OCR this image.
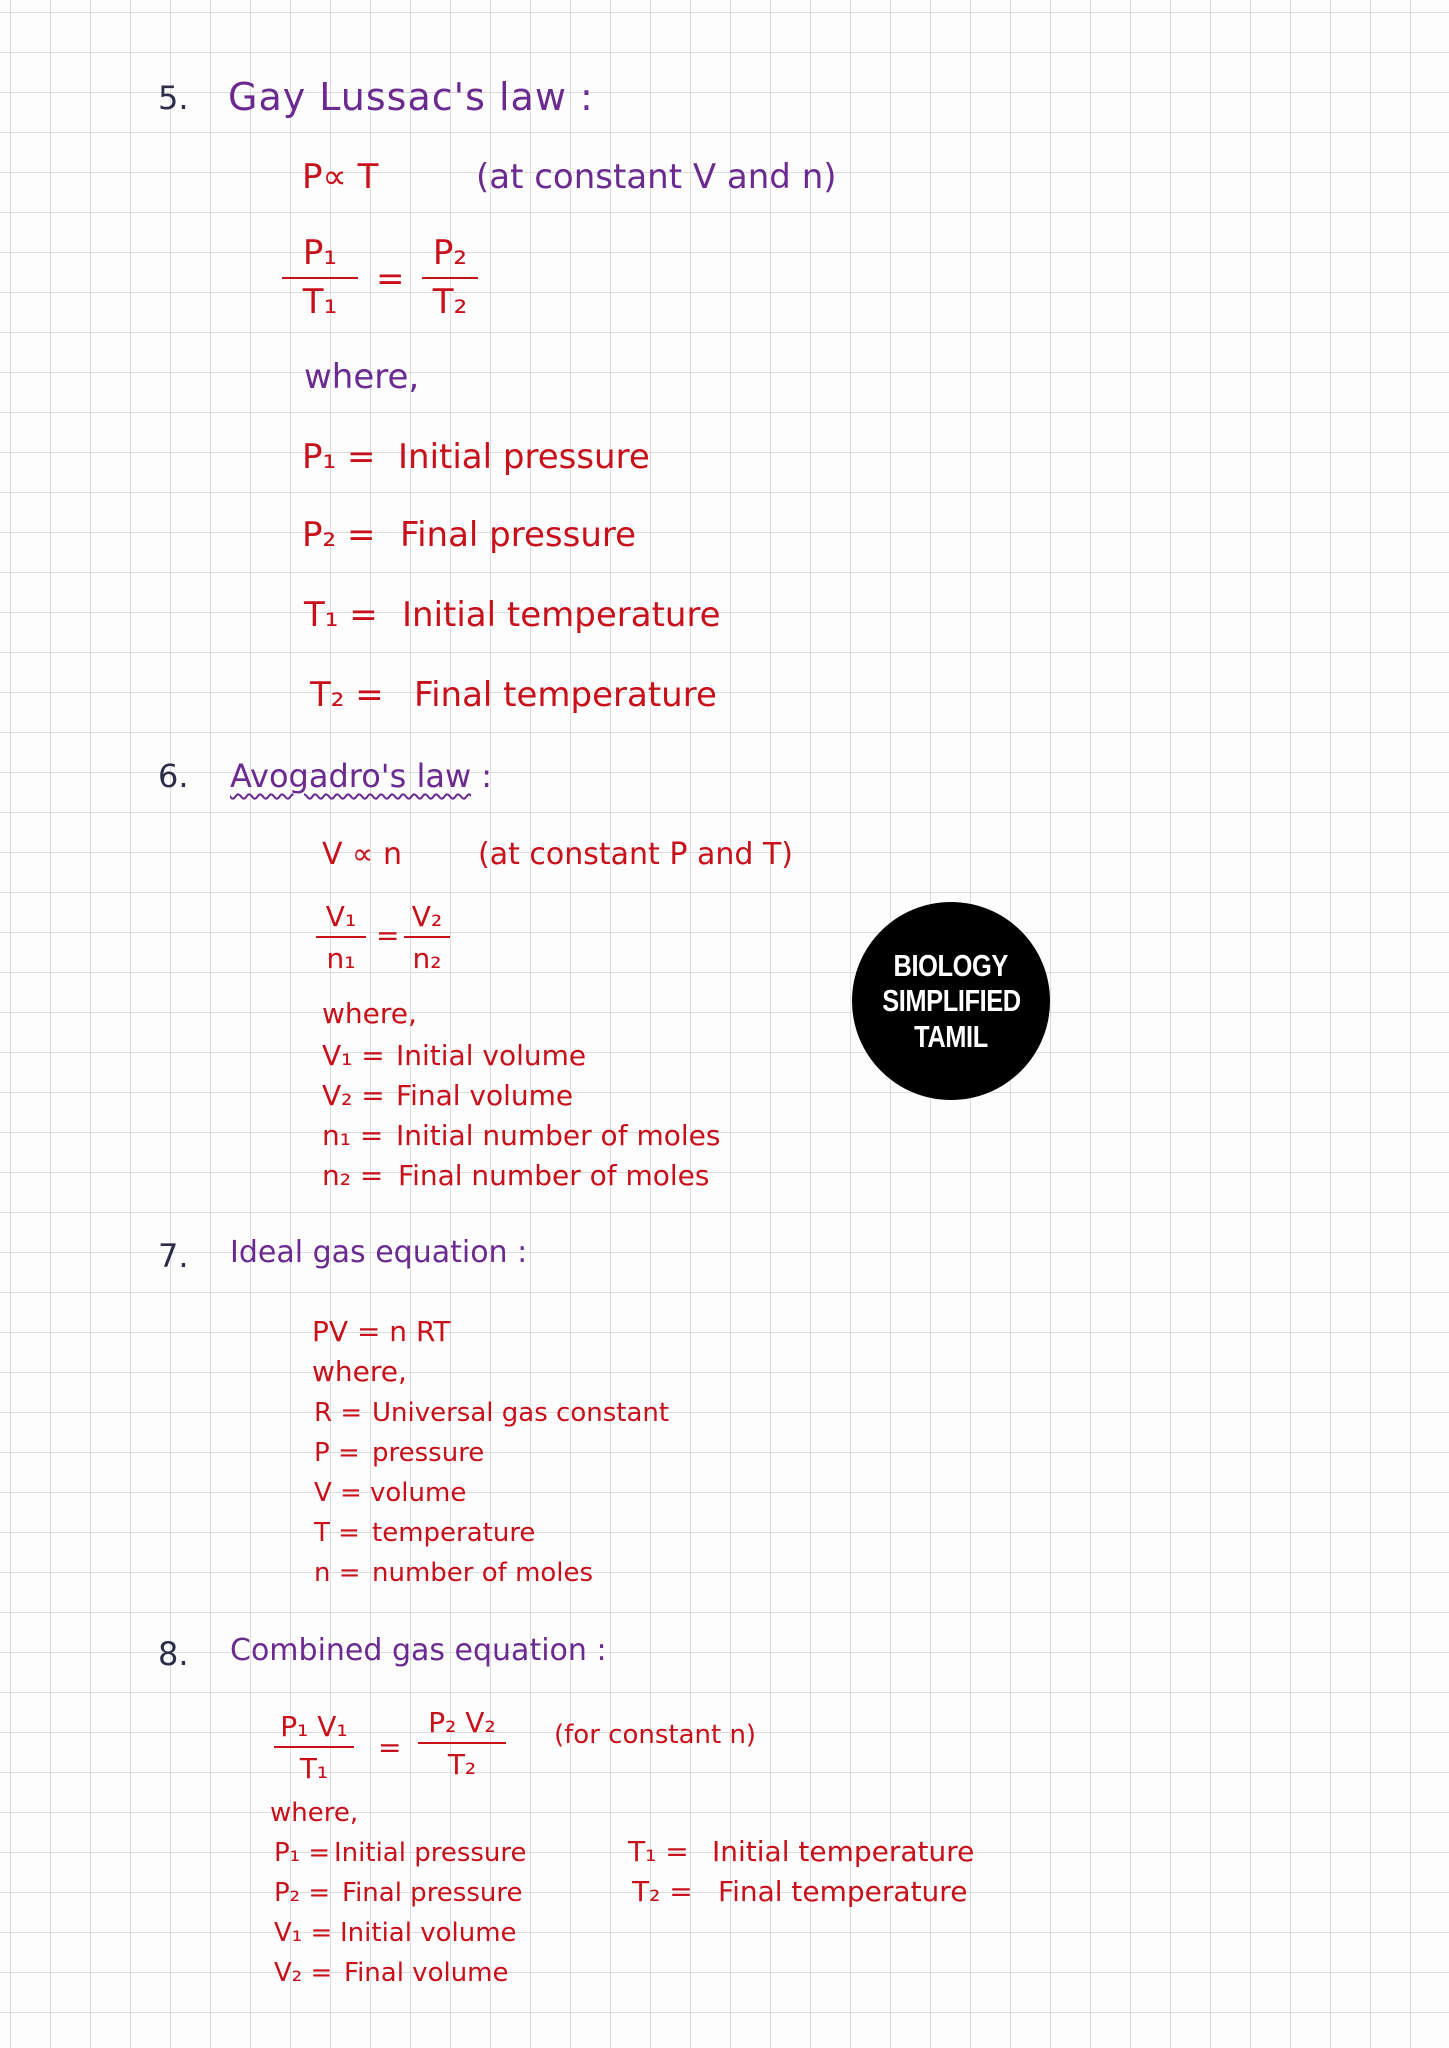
5. Gay Lussac's law :
P∝ T	(at constant V and n)
P₁
T₁
=
P₂
T₂
where,
P₁ = Initial pressure
P₂ = Final pressure
T₁ = Initial temperature
T₂ = Final temperature
6. Avogadro's law :
V ∝ n	(at constant P and T)
V₁
n₁
=
V₂
n₂
where,
V₁ = Initial volume
V₂ = Final volume
n₁ = Initial number of moles
n₂ = Final number of moles
BIOLOGY
SIMPLIFIED
TAMIL
7. Ideal gas equation :
PV = n RT
where,
R = Universal gas constant
P = pressure
V = volume
T = temperature
n = number of moles
8. Combined gas equation :
P₁ V₁
T₁
=
P₂ V₂
T₂
(for constant n)
where,
P₁ = Initial pressure
P₂ = Final pressure
V₁ = Initial volume
V₂ = Final volume
T₁ = Initial temperature
T₂ = Final temperature
